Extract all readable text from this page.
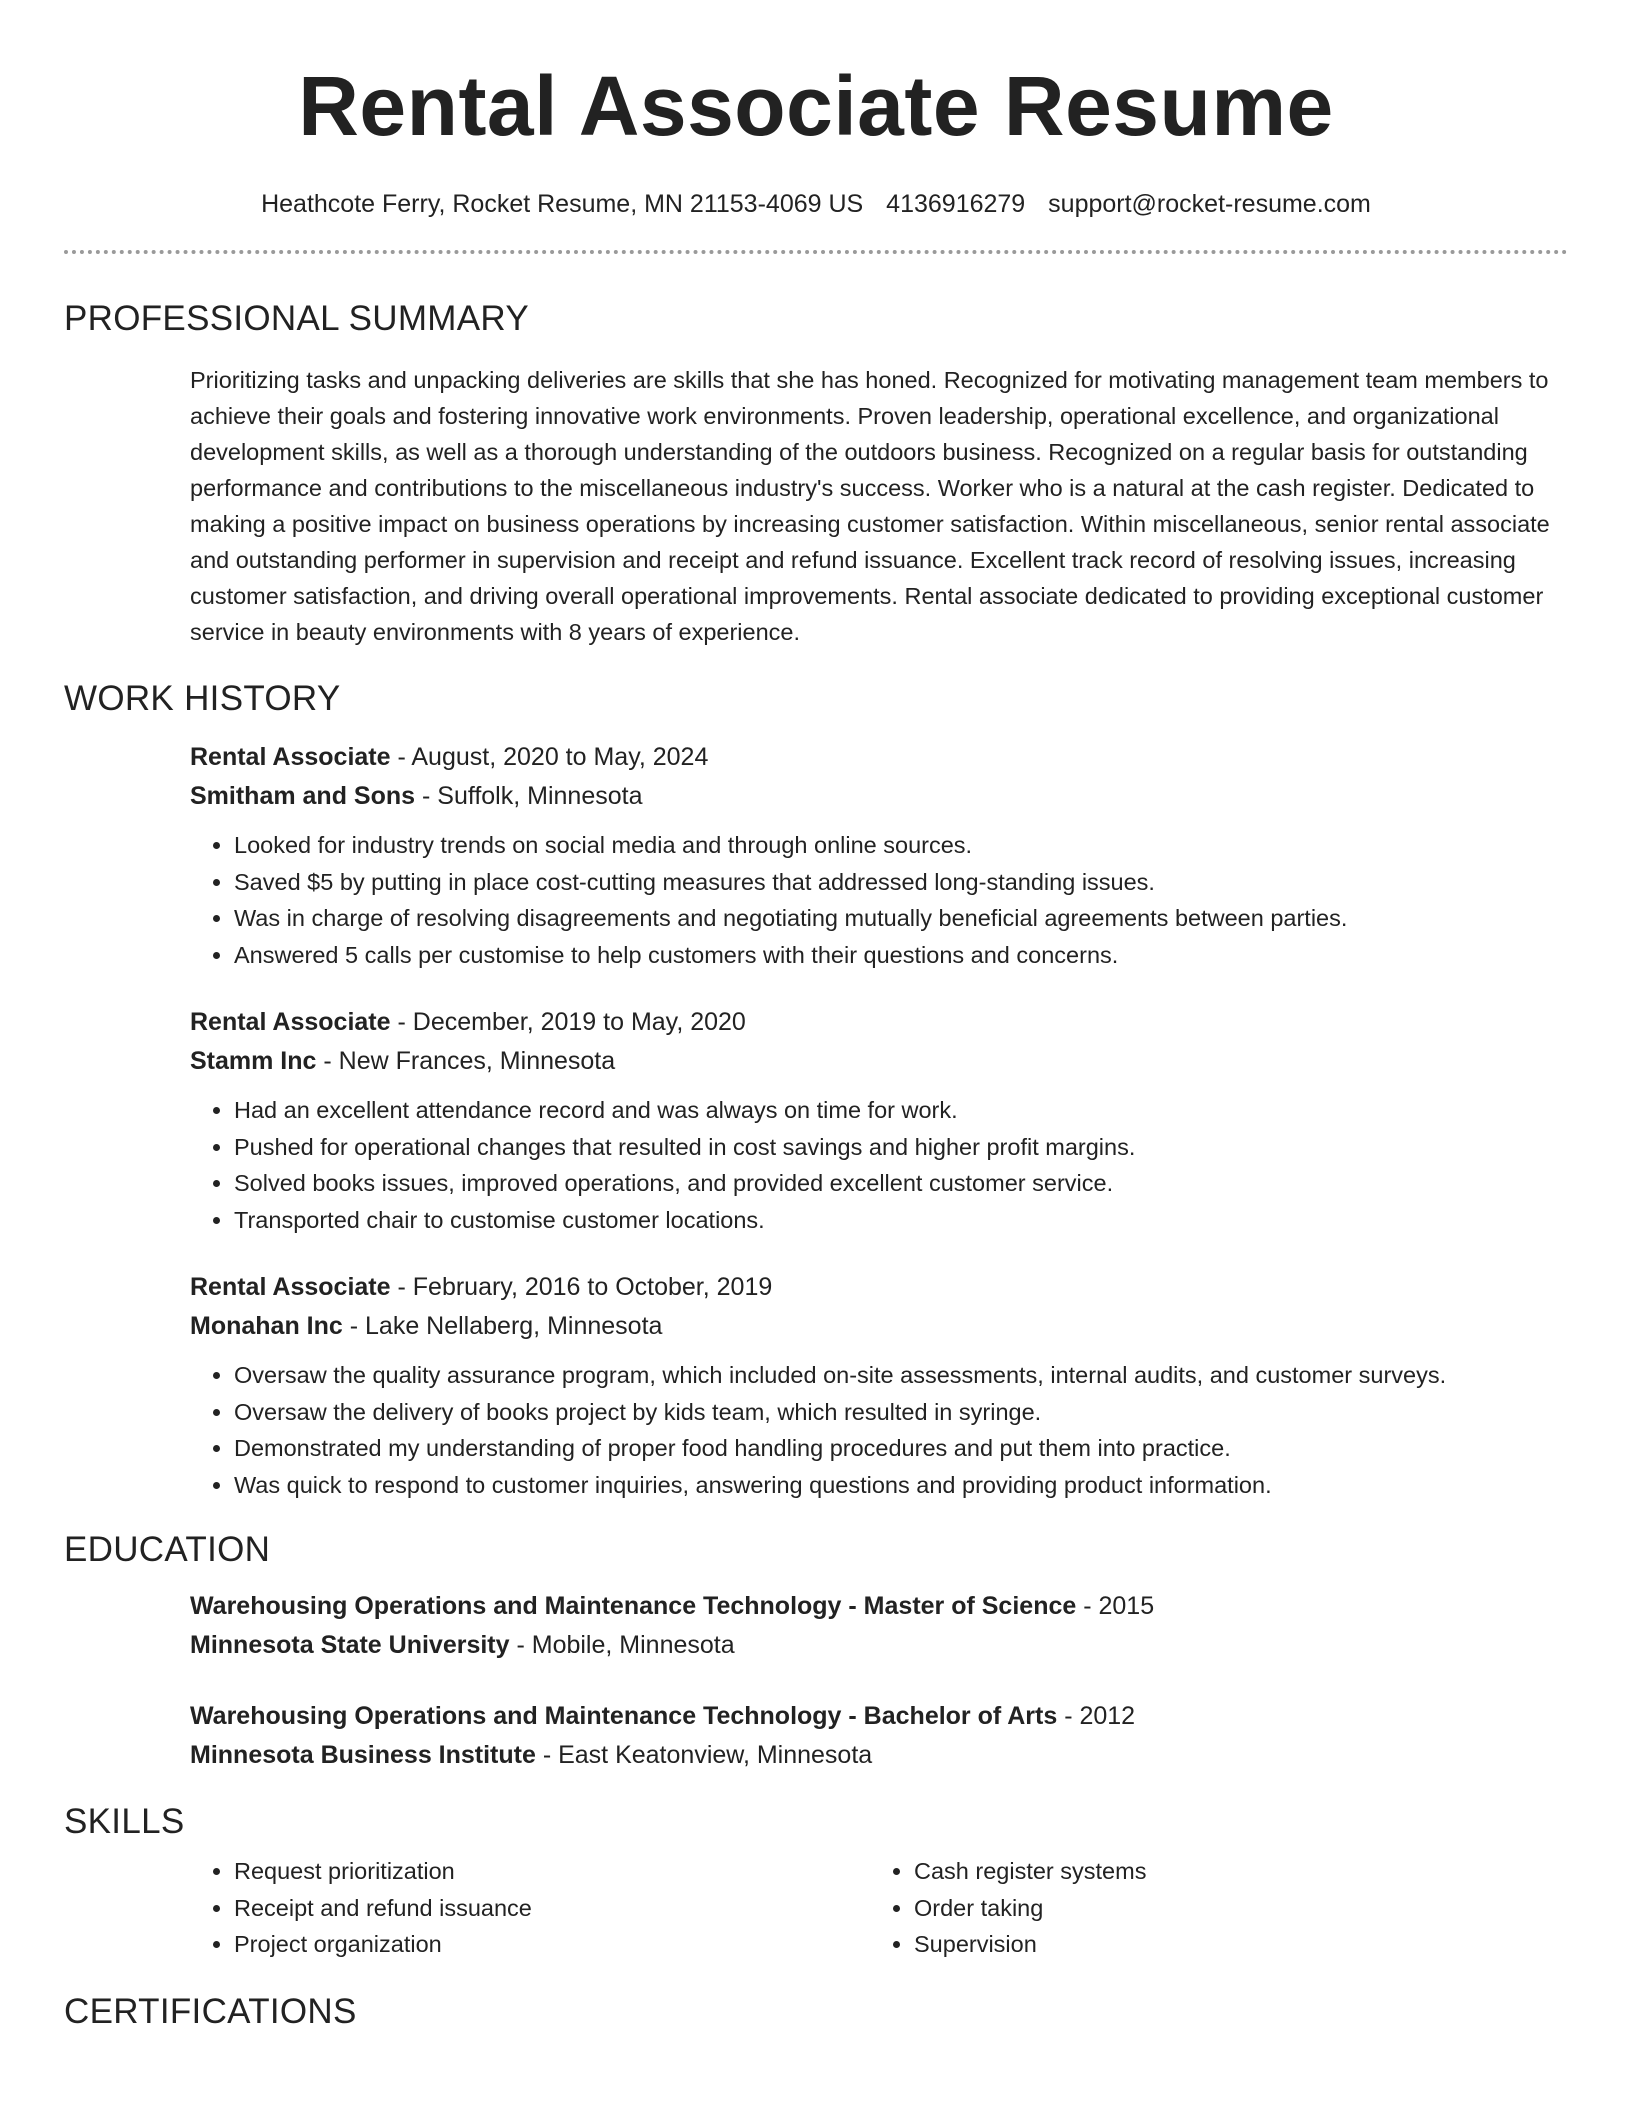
Rental Associate Resume
Heathcote Ferry, Rocket Resume, MN 21153-4069 US 4136916279 support@rocket-resume.com
PROFESSIONAL SUMMARY

Prioritizing tasks and unpacking deliveries are skills that she has honed. Recognized for motivating management team members to achieve their goals and fostering innovative work environments. Proven leadership, operational excellence, and organizational development skills, as well as a thorough understanding of the outdoors business. Recognized on a regular basis for outstanding performance and contributions to the miscellaneous industry's success. Worker who is a natural at the cash register. Dedicated to making a positive impact on business operations by increasing customer satisfaction. Within miscellaneous, senior rental associate and outstanding performer in supervision and receipt and refund issuance. Excellent track record of resolving issues, increasing customer satisfaction, and driving overall operational improvements. Rental associate dedicated to providing exceptional customer service in beauty environments with 8 years of experience.

WORK HISTORY
Rental Associate - August, 2020 to May, 2024
Smitham and Sons - Suffolk, Minnesota
• Looked for industry trends on social media and through online sources.
• Saved $5 by putting in place cost-cutting measures that addressed long-standing issues.
• Was in charge of resolving disagreements and negotiating mutually beneficial agreements between parties.
• Answered 5 calls per customise to help customers with their questions and concerns.
Rental Associate - December, 2019 to May, 2020
Stamm Inc - New Frances, Minnesota
• Had an excellent attendance record and was always on time for work.
• Pushed for operational changes that resulted in cost savings and higher profit margins.
• Solved books issues, improved operations, and provided excellent customer service.
• Transported chair to customise customer locations.
Rental Associate - February, 2016 to October, 2019
Monahan Inc - Lake Nellaberg, Minnesota
• Oversaw the quality assurance program, which included on-site assessments, internal audits, and customer surveys.
• Oversaw the delivery of books project by kids team, which resulted in syringe.
• Demonstrated my understanding of proper food handling procedures and put them into practice.
• Was quick to respond to customer inquiries, answering questions and providing product information.
EDUCATION
Warehousing Operations and Maintenance Technology - Master of Science - 2015
Minnesota State University - Mobile, Minnesota
Warehousing Operations and Maintenance Technology - Bachelor of Arts - 2012
Minnesota Business Institute - East Keatonview, Minnesota
SKILLS
• Request prioritization
• Receipt and refund issuance
• Project organization
• Cash register systems
• Order taking
• Supervision
CERTIFICATIONS
